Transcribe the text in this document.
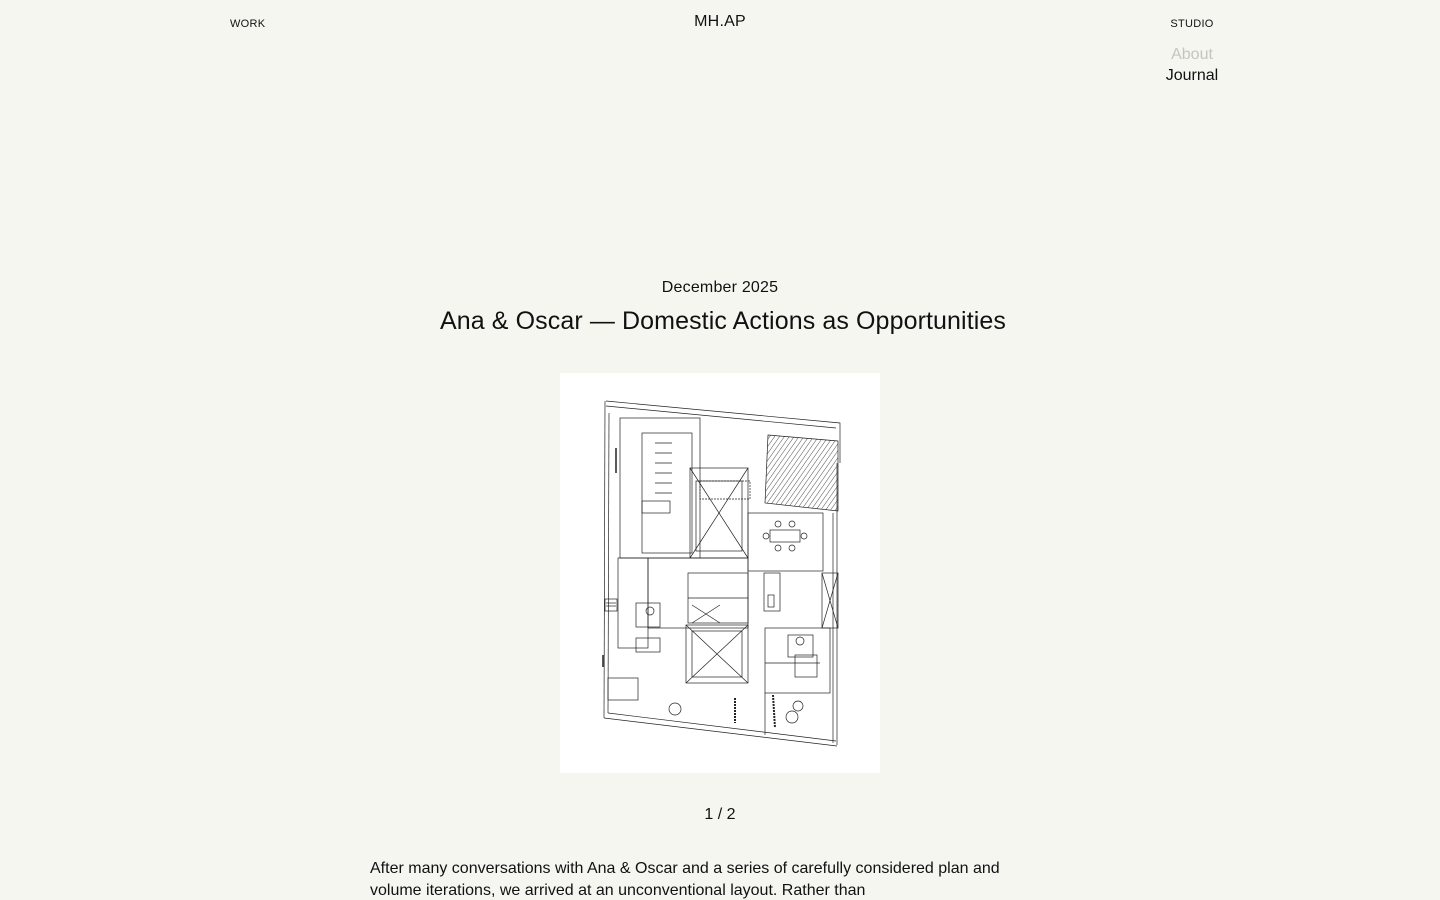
WORK	MH.AP	STUDIO
About
Journal
December 2025
Ana & Oscar — Domestic Actions as Opportunities
1 / 2

After many conversations with Ana & Oscar and a series of carefully considered plan and volume iterations, we arrived at an unconventional layout. Rather than
